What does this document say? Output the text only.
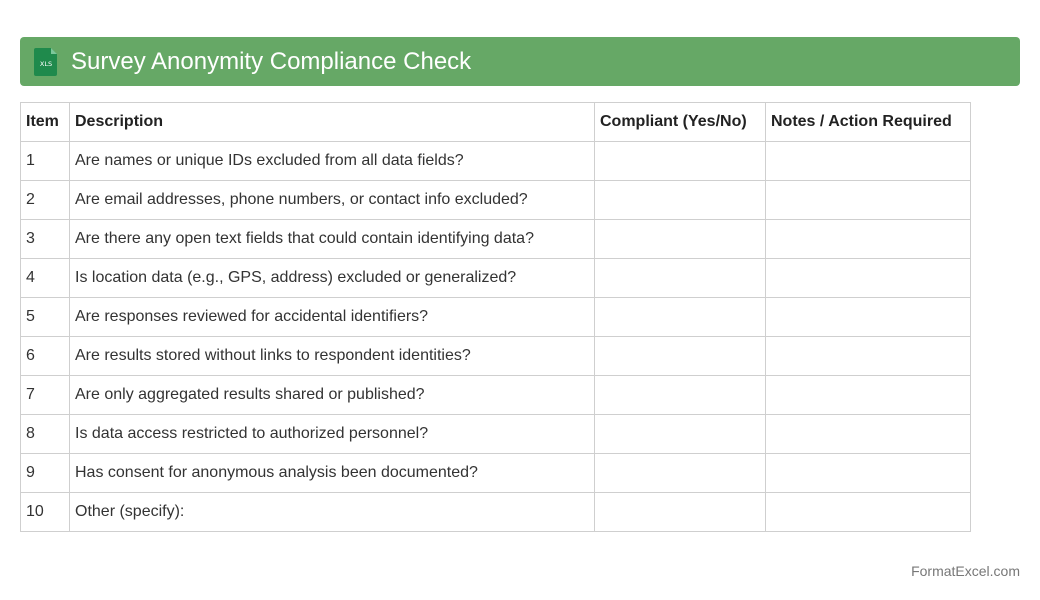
XLS Survey Anonymity Compliance Check
Item	Description	Compliant (Yes/No)	Notes / Action Required
1	Are names or unique IDs excluded from all data fields?		
2	Are email addresses, phone numbers, or contact info excluded?		
3	Are there any open text fields that could contain identifying data?		
4	Is location data (e.g., GPS, address) excluded or generalized?		
5	Are responses reviewed for accidental identifiers?		
6	Are results stored without links to respondent identities?		
7	Are only aggregated results shared or published?		
8	Is data access restricted to authorized personnel?		
9	Has consent for anonymous analysis been documented?		
10	Other (specify):		
FormatExcel.com
